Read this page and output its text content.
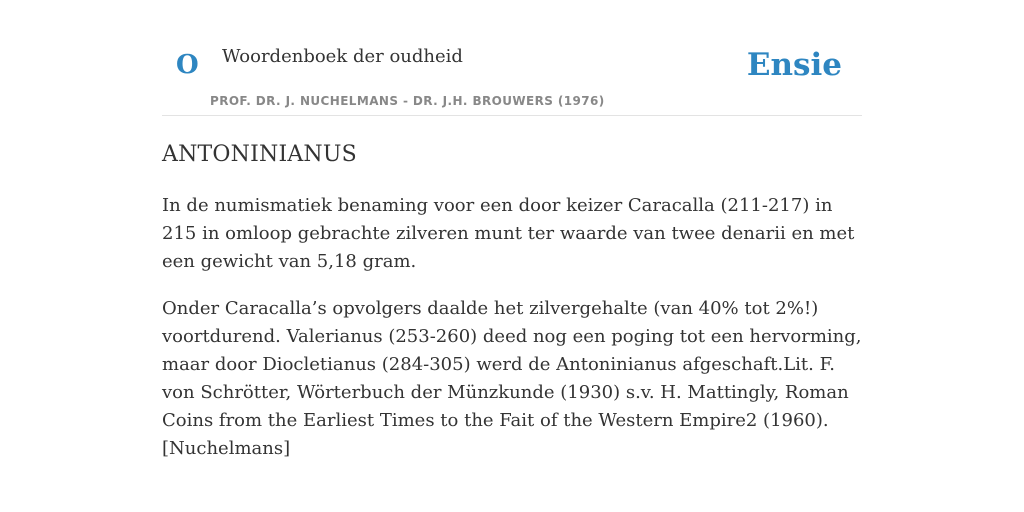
O Woordenboek der oudheid
PROF. DR. J. NUCHELMANS - DR. J.H. BROUWERS (1976)
Ensie
ANTONINIANUS

In de numismatiek benaming voor een door keizer Caracalla (211-217) in 215 in omloop gebrachte zilveren munt ter waarde van twee denarii en met een gewicht van 5,18 gram.

Onder Caracalla’s opvolgers daalde het zilvergehalte (van 40% tot 2%!) voortdurend. Valerianus (253-260) deed nog een poging tot een hervorming, maar door Diocletianus (284-305) werd de Antoninianus afgeschaft.Lit. F. von Schrötter, Wörterbuch der Münzkunde (1930) s.v. H. Mattingly, Roman Coins from the Earliest Times to the Fait of the Western Empire2 (1960). [Nuchelmans]
